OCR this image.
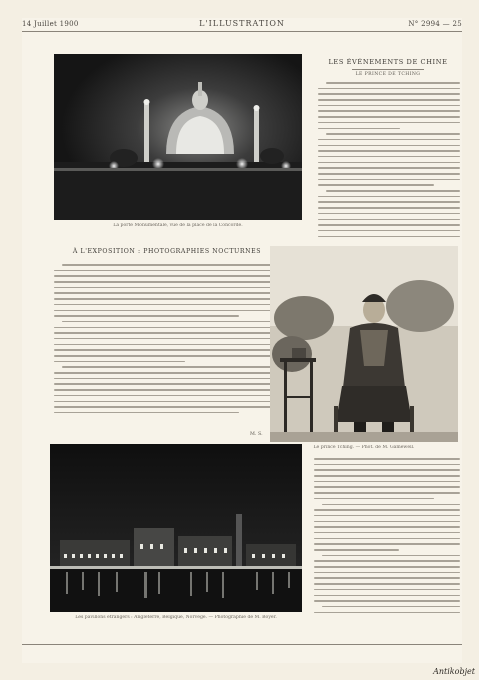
14 Juillet 1900	L'ILLUSTRATION	N° 2994 — 25
La porte Monumentale, vue de la place de la Concorde.
LES ÉVÉNEMENTS DE CHINE
LE PRINCE DE TCHING
À L'EXPOSITION : PHOTOGRAPHIES NOCTURNES
M. S.
Le prince Tching. — Phot. de M. Gamewell.
Les pavillons étrangers : Angleterre, Belgique, Norvège. — Photographie de M. Boyer.
Antikobjet
